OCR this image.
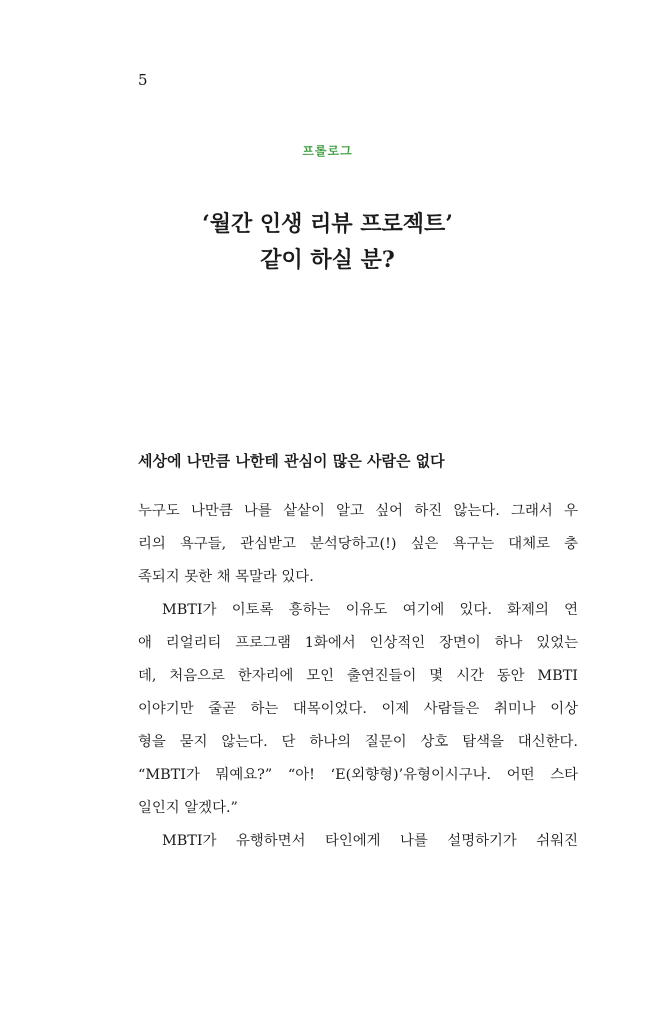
5
프롤로그
‘월간 인생 리뷰 프로젝트’
같이 하실 분?
세상에 나만큼 나한테 관심이 많은 사람은 없다
누구도 나만큼 나를 샅샅이 알고 싶어 하진 않는다. 그래서 우
리의 욕구들, 관심받고 분석당하고(!) 싶은 욕구는 대체로 충
족되지 못한 채 목말라 있다.
MBTI가 이토록 흥하는 이유도 여기에 있다. 화제의 연
애 리얼리티 프로그램 1화에서 인상적인 장면이 하나 있었는
데, 처음으로 한자리에 모인 출연진들이 몇 시간 동안 MBTI
이야기만 줄곧 하는 대목이었다. 이제 사람들은 취미나 이상
형을 묻지 않는다. 단 하나의 질문이 상호 탐색을 대신한다.
“MBTI가 뭐예요?” “아! ‘E(외향형)’유형이시구나. 어떤 스타
일인지 알겠다.”
MBTI가 유행하면서 타인에게 나를 설명하기가 쉬워진
